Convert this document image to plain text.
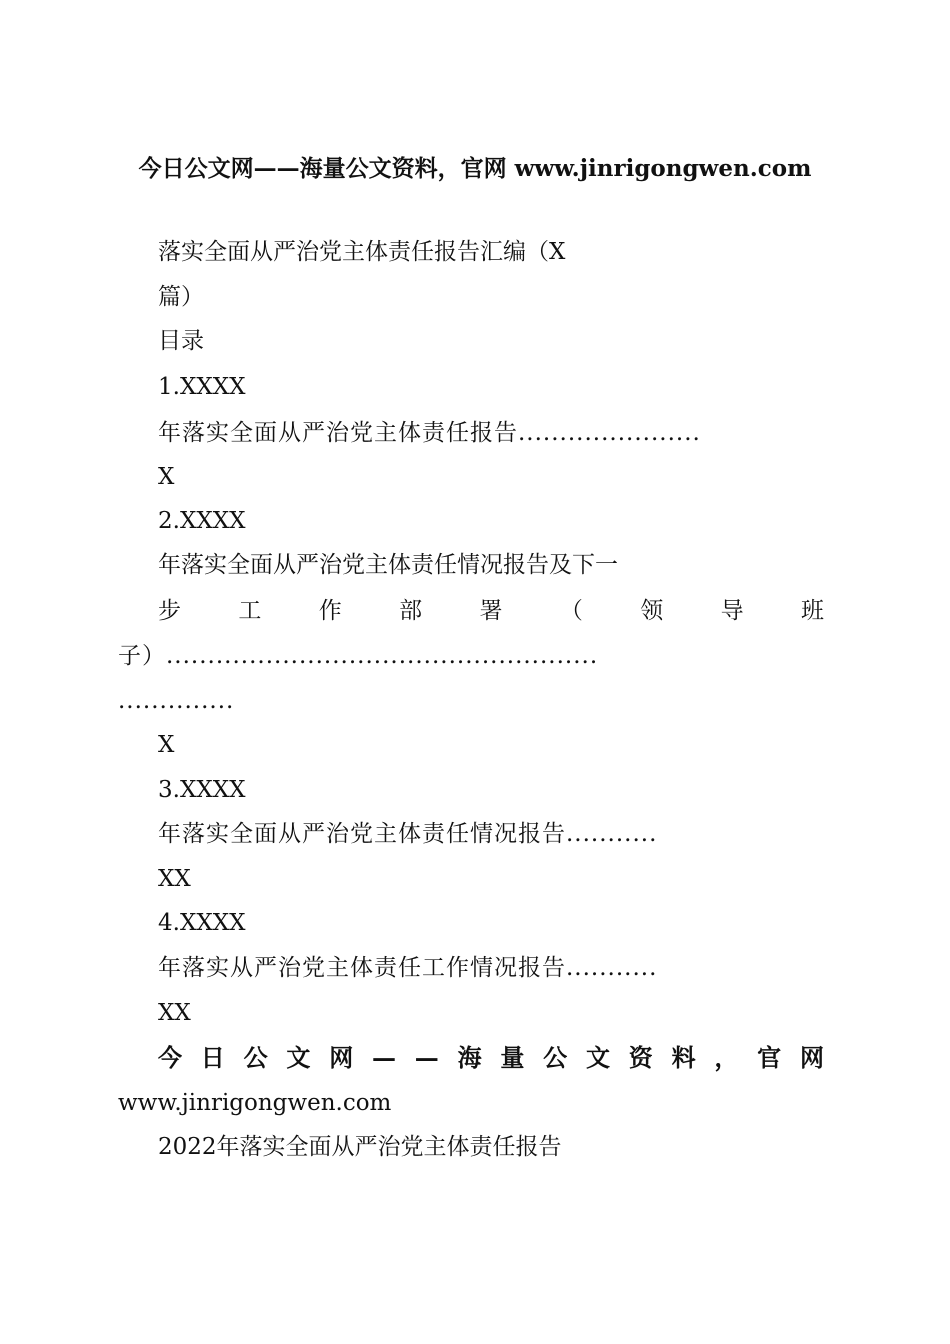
今日公文网——海量公文资料，官网 www.jinrigongwen.com
落实全面从严治党主体责任报告汇编（X
篇）
目录
1.XXXX
年落实全面从严治党主体责任报告......................
X
2.XXXX
年落实全面从严治党主体责任情况报告及下一
步 工 作 部 署 （ 领 导 班
子）....................................................
..............
X
3.XXXX
年落实全面从严治党主体责任情况报告...........
XX
4.XXXX
年落实从严治党主体责任工作情况报告...........
XX
今 日 公 文 网 — — 海 量 公 文 资 料 ， 官 网
www.jinrigongwen.com
2022年落实全面从严治党主体责任报告
